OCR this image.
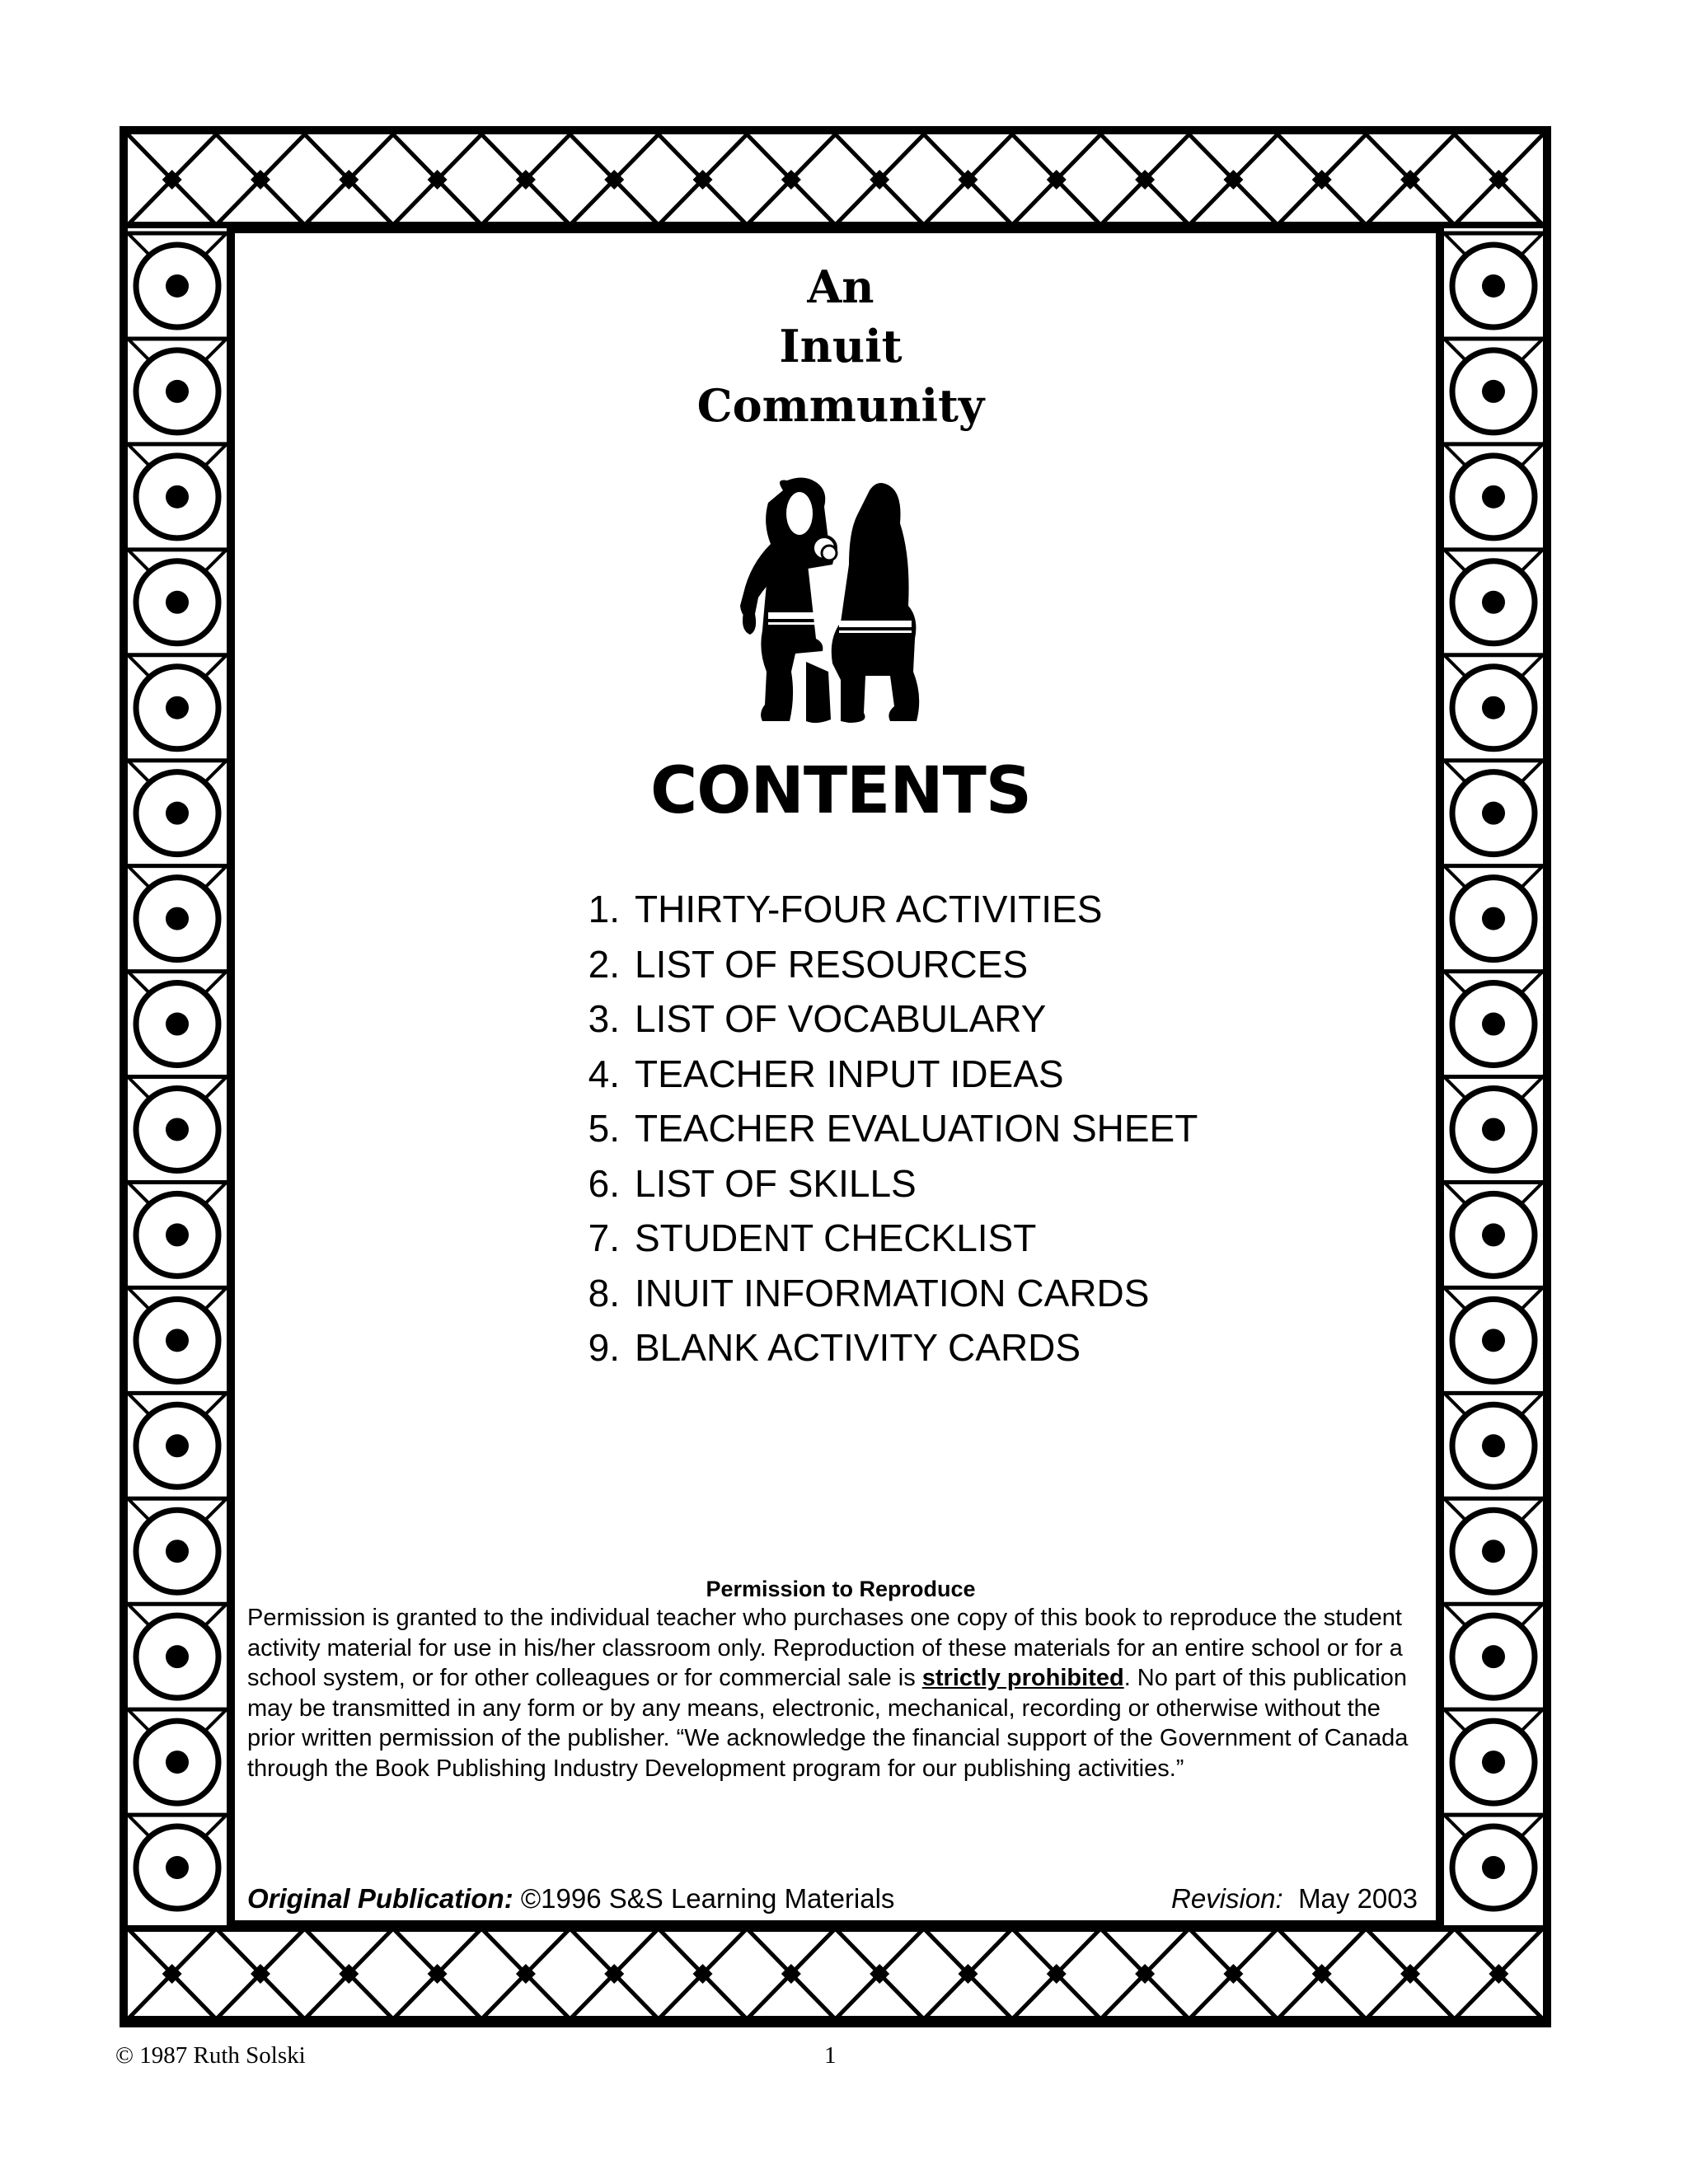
An
Inuit
Community
CONTENTS
1. THIRTY-FOUR ACTIVITIES
2. LIST OF RESOURCES
3. LIST OF VOCABULARY
4. TEACHER INPUT IDEAS
5. TEACHER EVALUATION SHEET
6. LIST OF SKILLS
7. STUDENT CHECKLIST
8. INUIT INFORMATION CARDS
9. BLANK ACTIVITY CARDS
Permission to Reproduce
Permission is granted to the individual teacher who purchases one copy of this book to reproduce the student activity material for use in his/her classroom only. Reproduction of these materials for an entire school or for a school system, or for other colleagues or for commercial sale is strictly prohibited. No part of this publication may be transmitted in any form or by any means, electronic, mechanical, recording or otherwise without the prior written permission of the publisher. “We acknowledge the financial support of the Government of Canada through the Book Publishing Industry Development program for our publishing activities.”
Original Publication: ©1996 S&S Learning Materials	Revision: May 2003
© 1987 Ruth Solski	1
